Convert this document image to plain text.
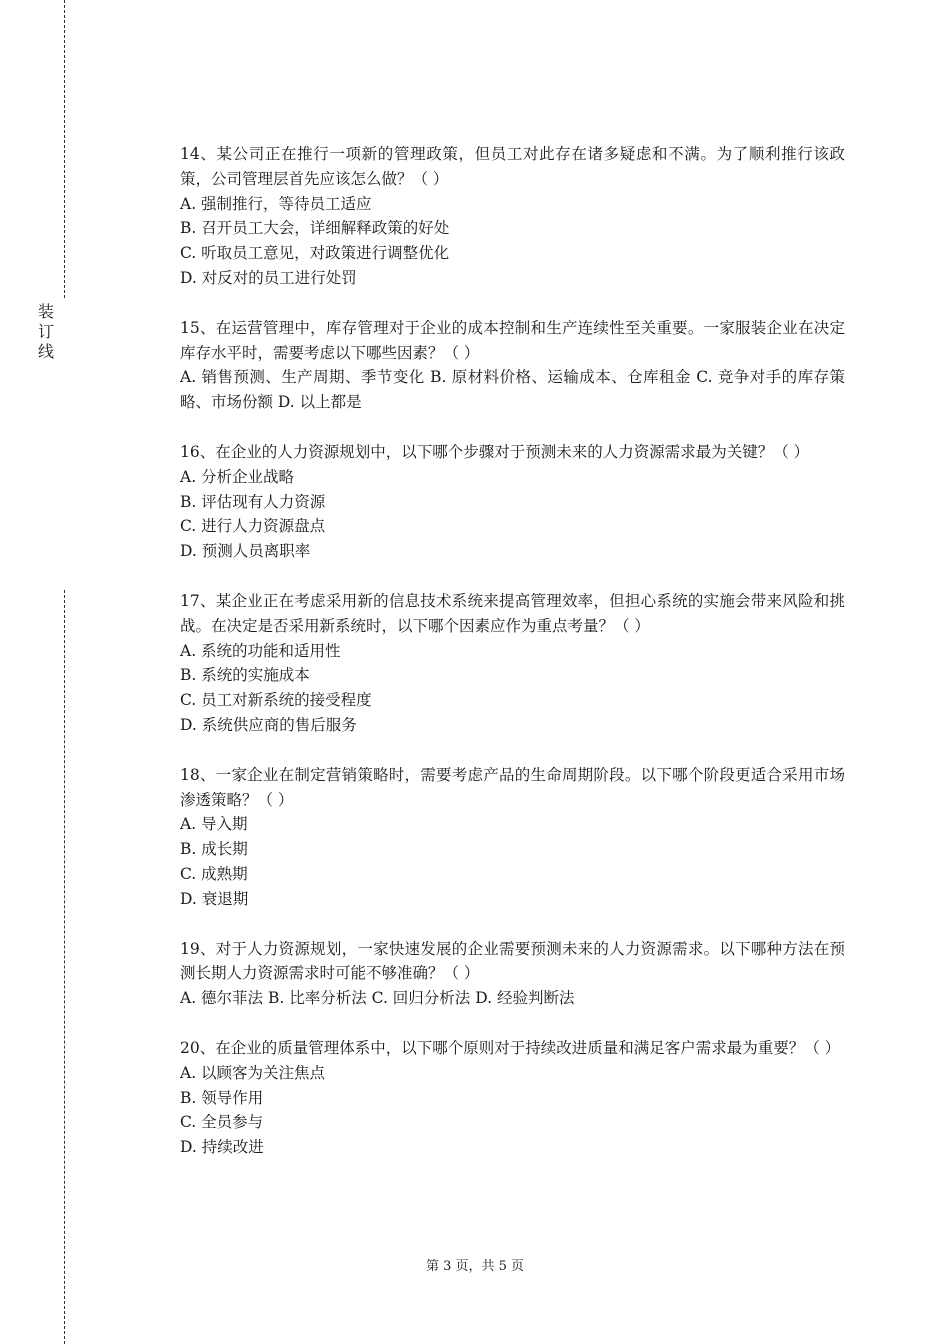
装
订
线
14、某公司正在推行一项新的管理政策，但员工对此存在诸多疑虑和不满。为了顺利推行该政策，公司管理层首先应该怎么做？（ ）
A. 强制推行，等待员工适应
B. 召开员工大会，详细解释政策的好处
C. 听取员工意见，对政策进行调整优化
D. 对反对的员工进行处罚
15、在运营管理中，库存管理对于企业的成本控制和生产连续性至关重要。一家服装企业在决定库存水平时，需要考虑以下哪些因素？（ ）
A. 销售预测、生产周期、季节变化 B. 原材料价格、运输成本、仓库租金 C. 竞争对手的库存策略、市场份额 D. 以上都是
16、在企业的人力资源规划中，以下哪个步骤对于预测未来的人力资源需求最为关键？（ ）
A. 分析企业战略
B. 评估现有人力资源
C. 进行人力资源盘点
D. 预测人员离职率
17、某企业正在考虑采用新的信息技术系统来提高管理效率，但担心系统的实施会带来风险和挑战。在决定是否采用新系统时，以下哪个因素应作为重点考量？（ ）
A. 系统的功能和适用性
B. 系统的实施成本
C. 员工对新系统的接受程度
D. 系统供应商的售后服务
18、一家企业在制定营销策略时，需要考虑产品的生命周期阶段。以下哪个阶段更适合采用市场渗透策略？（ ）
A. 导入期
B. 成长期
C. 成熟期
D. 衰退期
19、对于人力资源规划，一家快速发展的企业需要预测未来的人力资源需求。以下哪种方法在预测长期人力资源需求时可能不够准确？（ ）
A. 德尔菲法 B. 比率分析法 C. 回归分析法 D. 经验判断法
20、在企业的质量管理体系中，以下哪个原则对于持续改进质量和满足客户需求最为重要？（ ）
A. 以顾客为关注焦点
B. 领导作用
C. 全员参与
D. 持续改进
第 3 页，共 5 页
